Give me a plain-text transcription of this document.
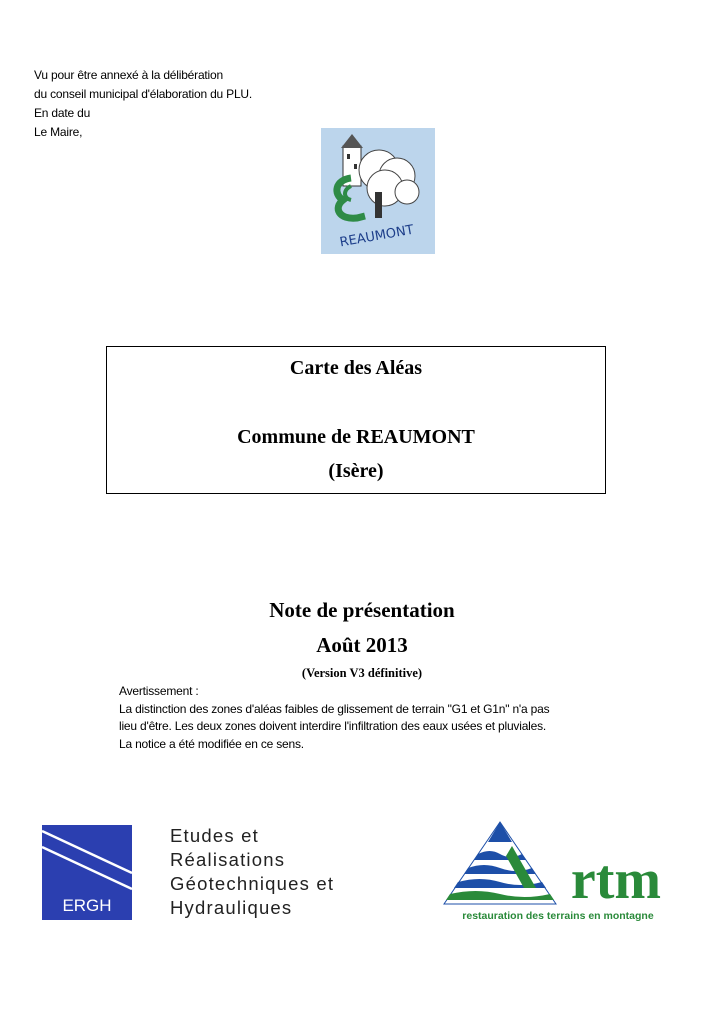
Vu pour être annexé à la délibération
du conseil municipal d'élaboration du PLU.
En date du
Le Maire,
REAUMONT
Carte des Aléas
Commune de REAUMONT
(Isère)
Note de présentation
Août 2013
(Version V3 définitive)
Avertissement :
La distinction des zones d'aléas faibles de glissement de terrain "G1 et G1n" n'a pas
lieu d'être. Les deux zones doivent interdire l'infiltration des eaux usées et pluviales.
La notice a été modifiée en ce sens.
ERGH
Etudes et
Réalisations
Géotechniques et
Hydrauliques	rtm
restauration des terrains en montagne
